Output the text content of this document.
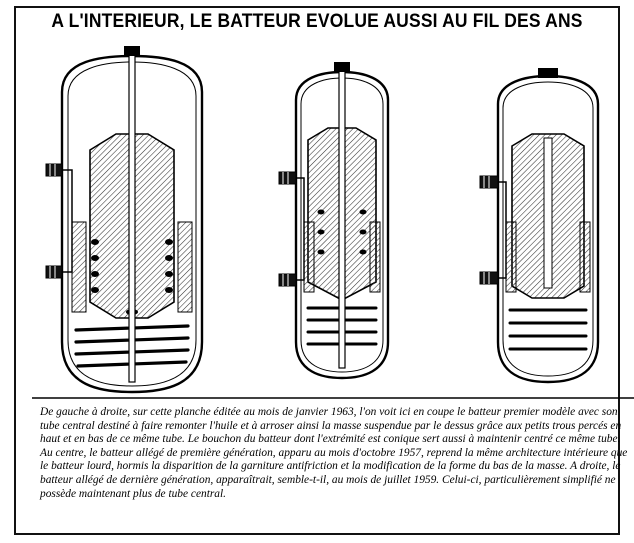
A L'INTERIEUR, LE BATTEUR EVOLUE AUSSI AU FIL DES ANS

De gauche à droite, sur cette planche éditée au mois de janvier 1963, l'on voit ici en coupe le batteur premier modèle avec son tube central destiné à faire remonter l'huile et à arroser ainsi la masse suspendue par le dessus grâce aux petits trous percés en haut et en bas de ce même tube. Le bouchon du batteur dont l'extrémité est conique sert aussi à maintenir centré ce même tube.

Au centre, le batteur allégé de première génération, apparu au mois d'octobre 1957, reprend la même architecture intérieure que le batteur lourd, hormis la disparition de la garniture antifriction et la modification de la forme du bas de la masse. A droite, le batteur allégé de dernière génération, apparaîtrait, semble-t-il, au mois de juillet 1959. Celui-ci, particulièrement simplifié ne possède maintenant plus de tube central.
